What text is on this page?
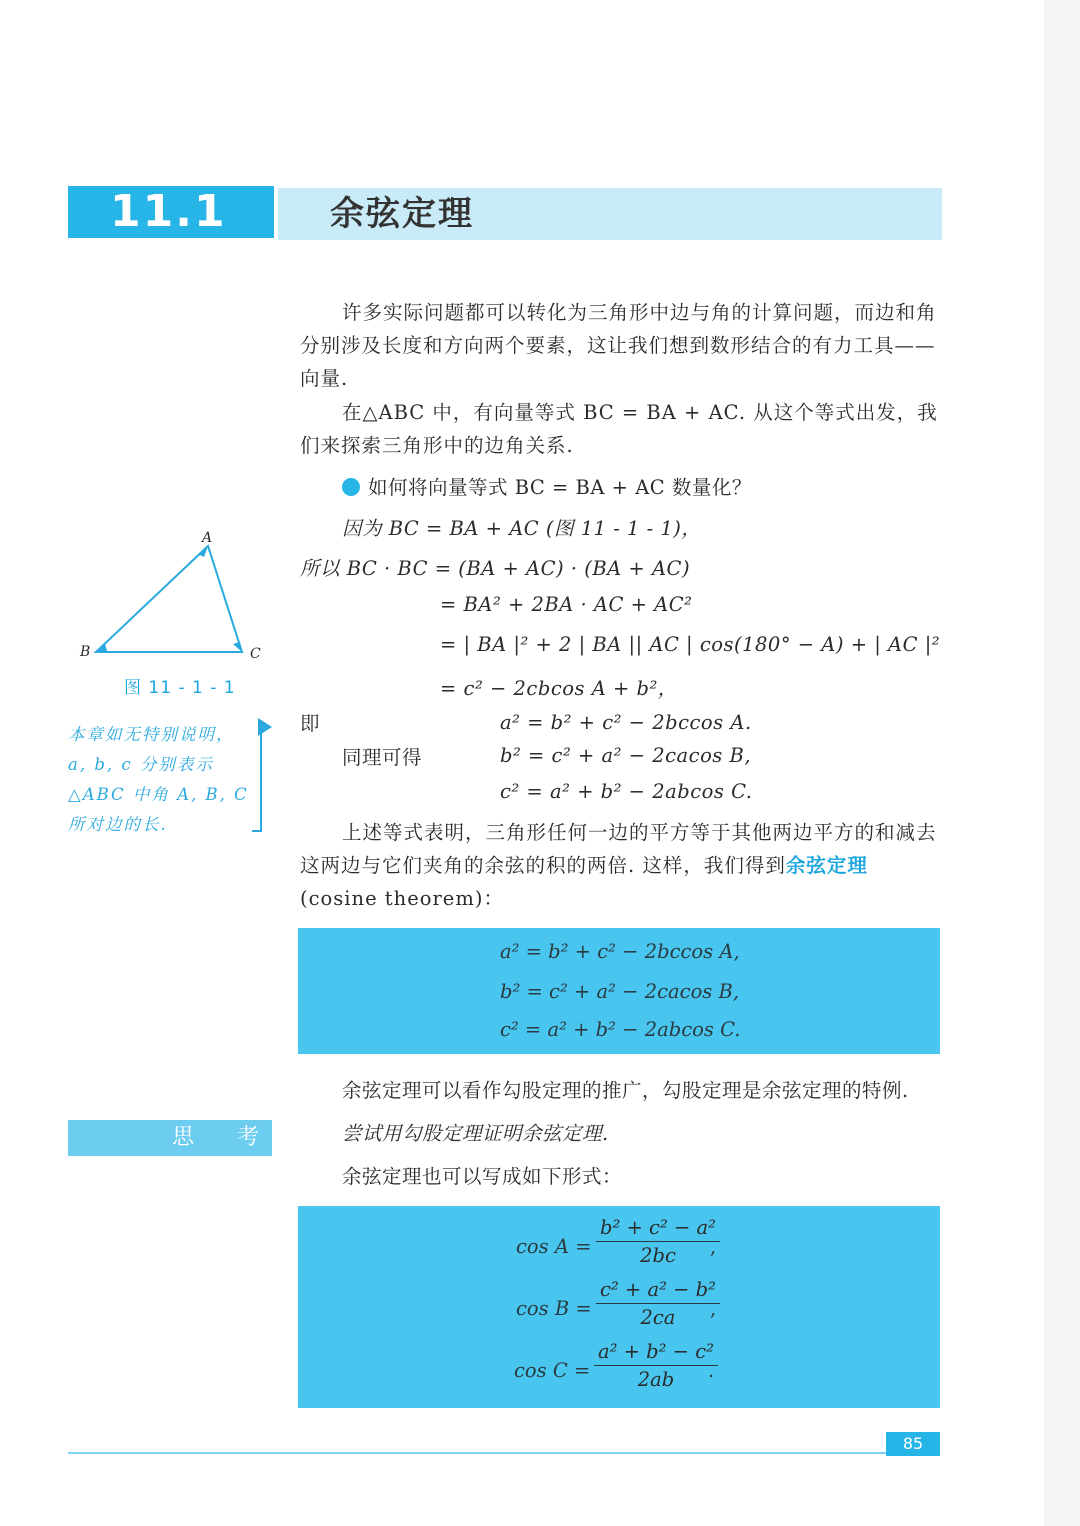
11.1	余弦定理
许多实际问题都可以转化为三角形中边与角的计算问题，而边和角分别涉及长度和方向两个要素，这让我们想到数形结合的有力工具——向量.
在△ABC 中，有向量等式 BC = BA + AC. 从这个等式出发，我们来探索三角形中的边角关系.
如何将向量等式 BC = BA + AC 数量化？
因为 BC = BA + AC (图 11 - 1 - 1)，
所以 BC · BC = (BA + AC) · (BA + AC)
= BA² + 2BA · AC + AC²
= | BA |² + 2 | BA || AC | cos(180° − A) + | AC |²
= c² − 2cbcos A + b²，
即	a² = b² + c² − 2bccos A.
同理可得	b² = c² + a² − 2cacos B,
c² = a² + b² − 2abcos C.
上述等式表明，三角形任何一边的平方等于其他两边平方的和减去这两边与它们夹角的余弦的积的两倍. 这样，我们得到余弦定理(cosine theorem)：
a² = b² + c² − 2bccos A,
b² = c² + a² − 2cacos B,
c² = a² + b² − 2abcos C.
余弦定理可以看作勾股定理的推广，勾股定理是余弦定理的特例.
思 考	尝试用勾股定理证明余弦定理.
余弦定理也可以写成如下形式：
$\cos A = \frac{\text{b² + c² − a²}}{2bc}$
,
$\cos B = \frac{\text{c² + a² − b²}}{2ca}$
,
$\cos C = \frac{\text{a² + b² − c²}}{2ab}$
.
A
B	C
图 11 - 1 - 1
本章如无特别说明，a, b, c 分别表示△ABC 中角 A, B, C 所对边的长.
85
